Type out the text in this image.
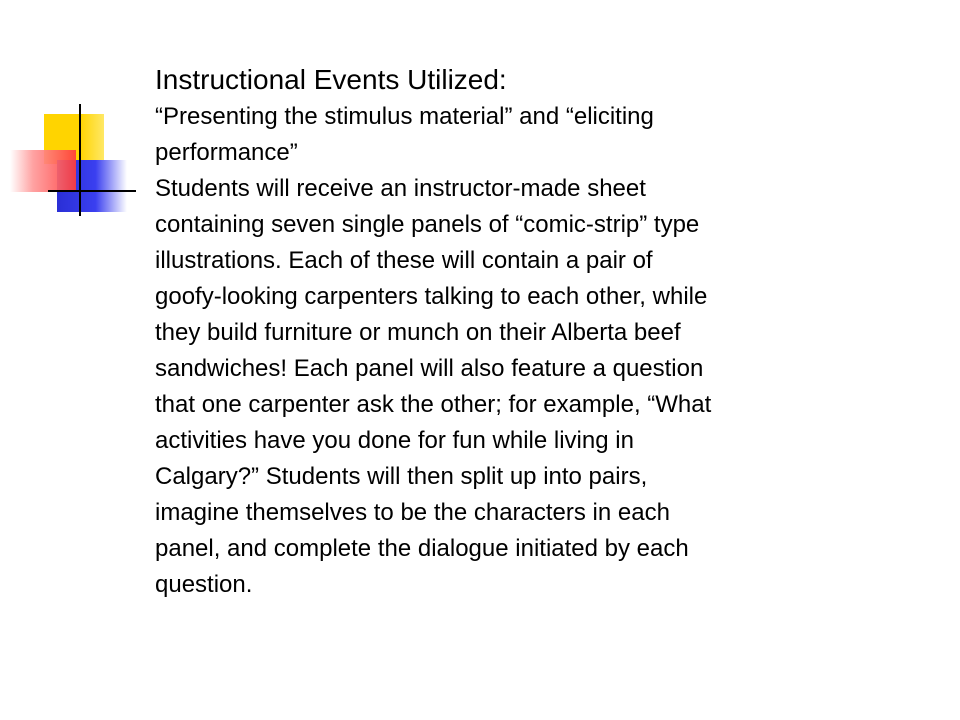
Instructional Events Utilized:

“Presenting the stimulus material” and “eliciting

performance”

Students will receive an instructor-made sheet

containing seven single panels of “comic-strip” type

illustrations. Each of these will contain a pair of

goofy-looking carpenters talking to each other, while

they build furniture or munch on their Alberta beef

sandwiches! Each panel will also feature a question

that one carpenter ask the other; for example, “What

activities have you done for fun while living in

Calgary?” Students will then split up into pairs,

imagine themselves to be the characters in each

panel, and complete the dialogue initiated by each

question.
